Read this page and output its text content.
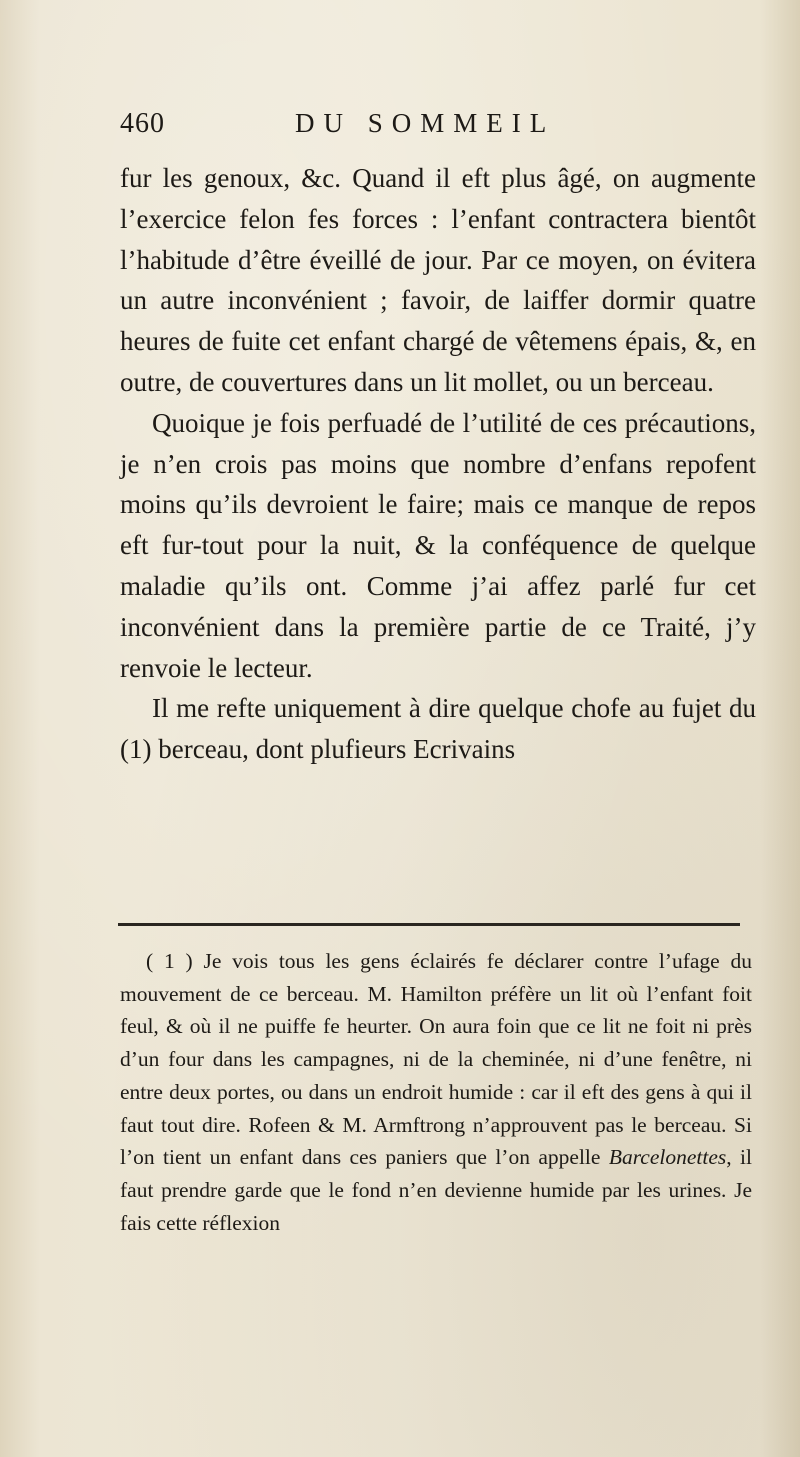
460	DU SOMMEIL

fur les genoux, &c. Quand il eft plus âgé, on augmente l’exercice felon fes forces : l’enfant contractera bientôt l’habitude d’être éveillé de jour. Par ce moyen, on évitera un autre inconvénient ; favoir, de laiffer dormir quatre heures de fuite cet enfant chargé de vêtemens épais, &, en outre, de couvertures dans un lit mollet, ou un berceau.

Quoique je fois perfuadé de l’utilité de ces précautions, je n’en crois pas moins que nombre d’enfans repofent moins qu’ils devroient le faire; mais ce manque de repos eft fur-tout pour la nuit, & la conféquence de quelque maladie qu’ils ont. Comme j’ai affez parlé fur cet inconvénient dans la première partie de ce Traité, j’y renvoie le lecteur.

Il me refte uniquement à dire quelque chofe au fujet du (1) berceau, dont plufieurs Ecrivains

( 1 ) Je vois tous les gens éclairés fe déclarer contre l’ufage du mouvement de ce berceau. M. Hamilton préfère un lit où l’enfant foit feul, & où il ne puiffe fe heurter. On aura foin que ce lit ne foit ni près d’un four dans les campagnes, ni de la cheminée, ni d’une fenêtre, ni entre deux portes, ou dans un endroit humide : car il eft des gens à qui il faut tout dire. Rofeen & M. Armftrong n’approuvent pas le berceau. Si l’on tient un enfant dans ces paniers que l’on appelle Barcelonettes, il faut prendre garde que le fond n’en devienne humide par les urines. Je fais cette réflexion
